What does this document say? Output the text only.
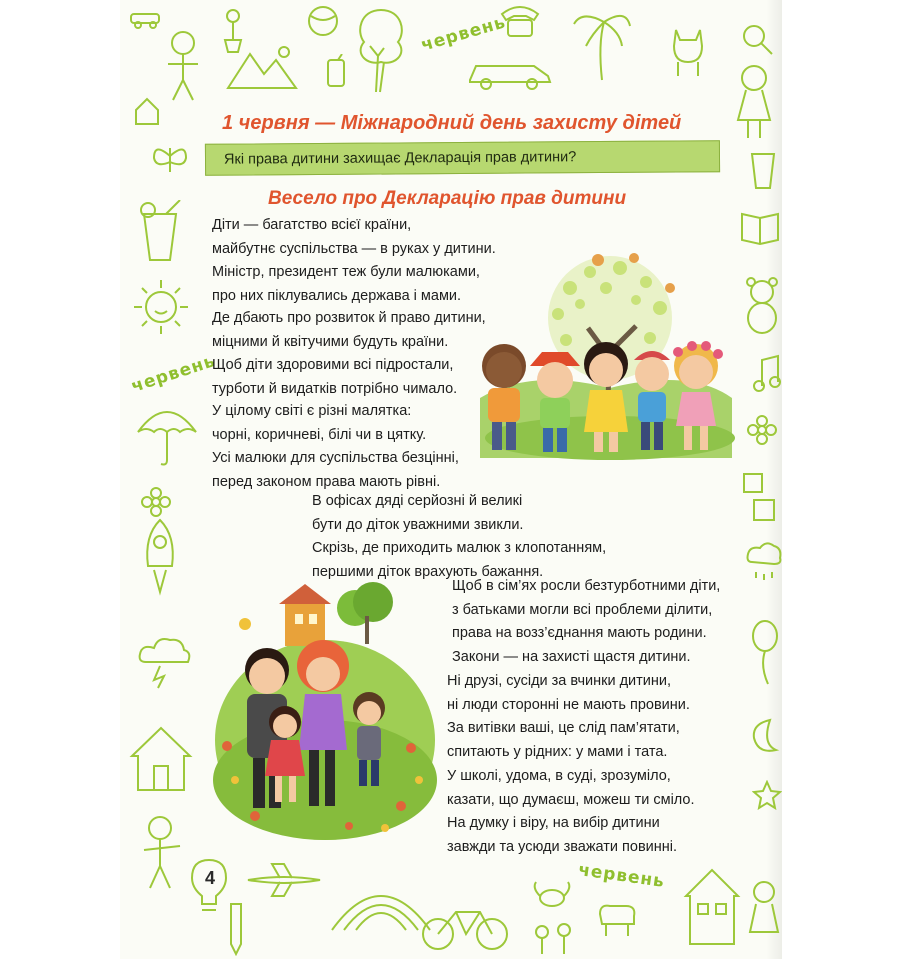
червень
червень
4	червень
1 червня — Міжнародний день захисту дітей
Які права дитини захищає Декларація прав дитини?
Весело про Декларацію прав дитини
Діти — багатство всієї країни,
майбутнє суспільства — в руках у дитини.
Міністр, президент теж були малюками,
про них піклувались держава і мами.
Де дбають про розвиток й право дитини,
міцними й квітучими будуть країни.
Щоб діти здоровими всі підростали,
турботи й видатків потрібно чимало.
У цілому світі є різні малятка:
чорні, коричневі, білі чи в цятку.
Усі малюки для суспільства безцінні,
перед законом права мають рівні.
В офісах дяді серйозні й великі
бути до діток уважними звикли.
Скрізь, де приходить малюк з клопотанням,
першими діток врахують бажання.
Щоб в сім’ях росли безтурботними діти,
з батьками могли всі проблеми ділити,
права на возз’єднання мають родини.
Закони — на захисті щастя дитини.
Ні друзі, сусіди за вчинки дитини,
ні люди сторонні не мають провини.
За витівки ваші, це слід пам’ятати,
спитають у рідних: у мами і тата.
У школі, удома, в суді, зрозуміло,
казати, що думаєш, можеш ти сміло.
На думку і віру, на вибір дитини
завжди та усюди зважати повинні.
